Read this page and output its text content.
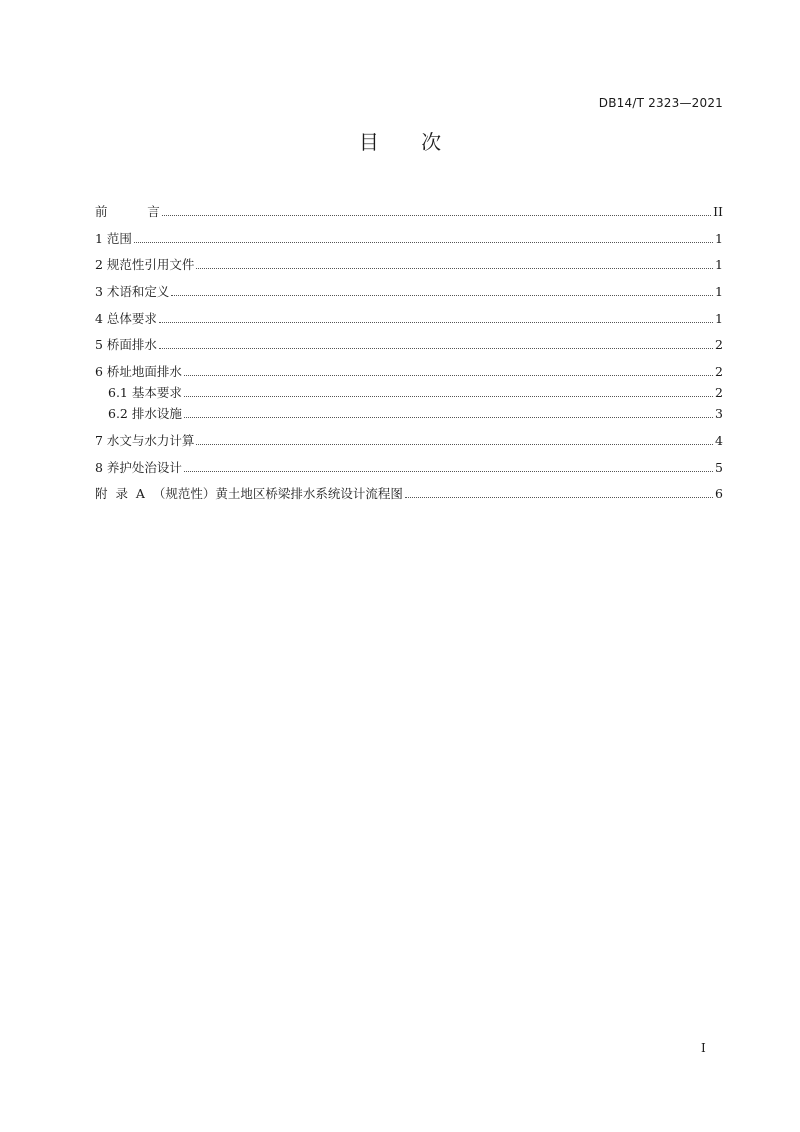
DB14/T 2323—2021
目 次
前          言	II
1 范围	1
2 规范性引用文件	1
3 术语和定义	1
4 总体要求	1
5 桥面排水	2
6 桥址地面排水	2
6.1 基本要求	2
6.2 排水设施	3
7 水文与水力计算	4
8 养护处治设计	5
附  录  A  （规范性）黄土地区桥梁排水系统设计流程图	6
I
